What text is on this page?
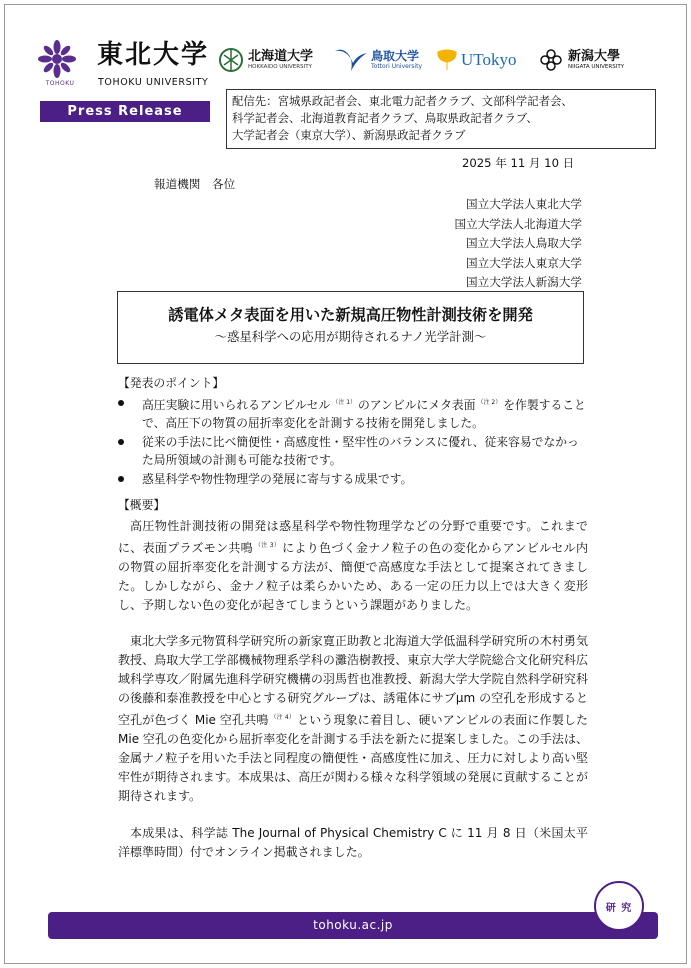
TOHOKU
東北大学
TOHOKU UNIVERSITY
北海道大学
HOKKAIDO UNIVERSITY
鳥取大学
Tottori University UTokyo	新潟大學
NIIGATA UNIVERSITY
Press Release
配信先：宮城県政記者会、東北電力記者クラブ、文部科学記者会、
科学記者会、北海道教育記者クラブ、鳥取県政記者クラブ、
大学記者会（東京大学）、新潟県政記者クラブ
2025 年 11 月 10 日
報道機関　各位
国立大学法人東北大学
国立大学法人北海道大学
国立大学法人鳥取大学
国立大学法人東京大学
国立大学法人新潟大学
誘電体メタ表面を用いた新規高圧物性計測技術を開発
～惑星科学への応用が期待されるナノ光学計測～
【発表のポイント】
高圧実験に用いられるアンビルセル $^{(注 1)}$ のアンビルにメタ表面 $^{(注 2)}$ を作製することで、高圧下の物質の屈折率変化を計測する技術を開発しました。
従来の手法に比べ簡便性・高感度性・堅牢性のバランスに優れ、従来容易でなかった局所領域の計測も可能な技術です。
惑星科学や物性物理学の発展に寄与する成果です。
【概要】
高圧物性計測技術の開発は惑星科学や物性物理学などの分野で重要です。これまでに、表面プラズモン共鳴 $^{(注 3)}$ により色づく金ナノ粒子の色の変化からアンビルセル内の物質の屈折率変化を計測する方法が、簡便で高感度な手法として提案されてきました。しかしながら、金ナノ粒子は柔らかいため、ある一定の圧力以上では大きく変形し、予期しない色の変化が起きてしまうという課題がありました。
東北大学多元物質科学研究所の新家寛正助教と北海道大学低温科学研究所の木村勇気教授、鳥取大学工学部機械物理系学科の灘浩樹教授、東京大学大学院総合文化研究科広域科学専攻／附属先進科学研究機構の羽馬哲也准教授、新潟大学大学院自然科学研究科の後藤和泰准教授を中心とする研究グループは、誘電体にサブμm の空孔を形成すると空孔が色づく Mie 空孔共鳴 $^{(注 4)}$ という現象に着目し、硬いアンビルの表面に作製した Mie 空孔の色変化から屈折率変化を計測する手法を新たに提案しました。この手法は、金属ナノ粒子を用いた手法と同程度の簡便性・高感度性に加え、圧力に対しより高い堅牢性が期待されます。本成果は、高圧が関わる様々な科学領域の発展に貢献することが期待されます。
本成果は、科学誌 The Journal of Physical Chemistry C に 11 月 8 日（米国太平洋標準時間）付でオンライン掲載されました。
tohoku.ac.jp
研 究
